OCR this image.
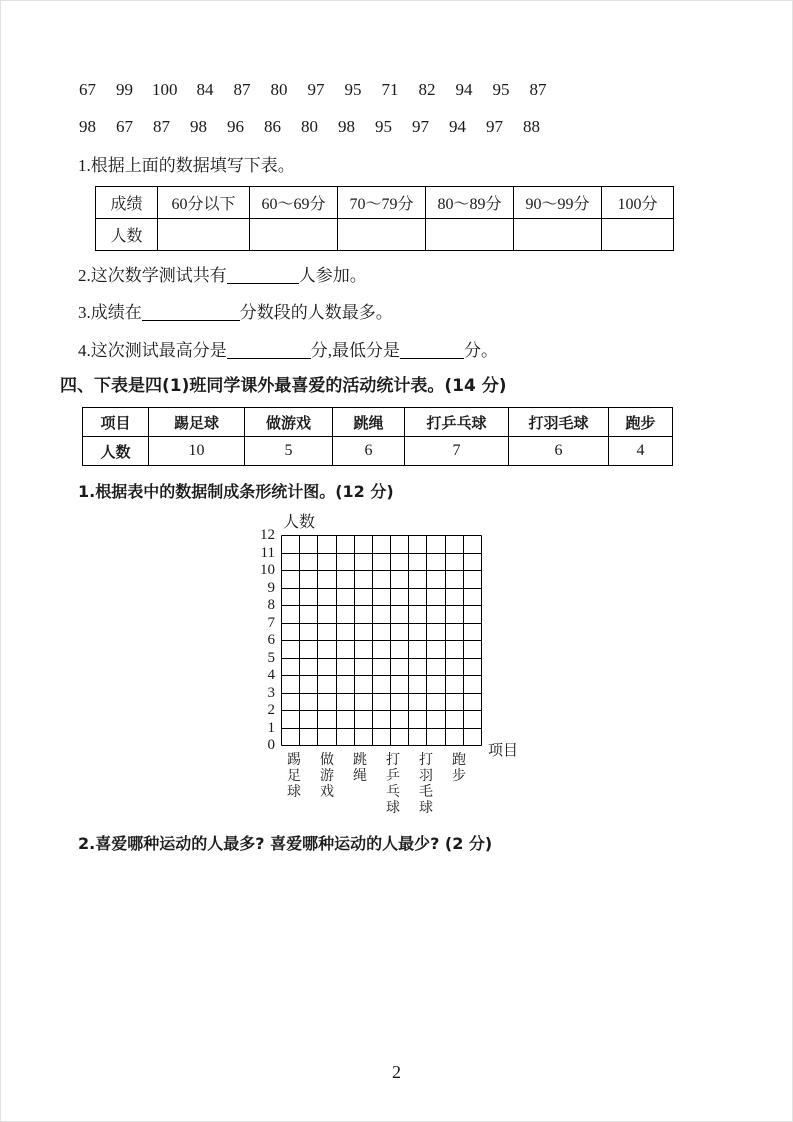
67 99 100 84 87 80 97 95 71 82 94 95 87
98 67 87 98 96 86 80 98 95 97 94 97 88
1.根据上面的数据填写下表。
成绩	60分以下	60～69分	70～79分	80～89分	90～99分	100分
人数						
2.这次数学测试共有	人参加。
3.成绩在	分数段的人数最多。
4.这次测试最高分是	分,最低分是	分。
四、下表是四(1)班同学课外最喜爱的活动统计表。(14 分)
项目	踢足球	做游戏	跳绳	打乒乓球	打羽毛球	跑步
人数	10	5	6	7	6	4
1.根据表中的数据制成条形统计图。(12 分)
人数
项目
12
11
10
9
8
7
6
5
4
3
2
1
0
踢
足
球
做
游
戏
跳
绳
打
乒
乓
球
打
羽
毛
球
跑
步
2.喜爱哪种运动的人最多? 喜爱哪种运动的人最少? (2 分)
2
